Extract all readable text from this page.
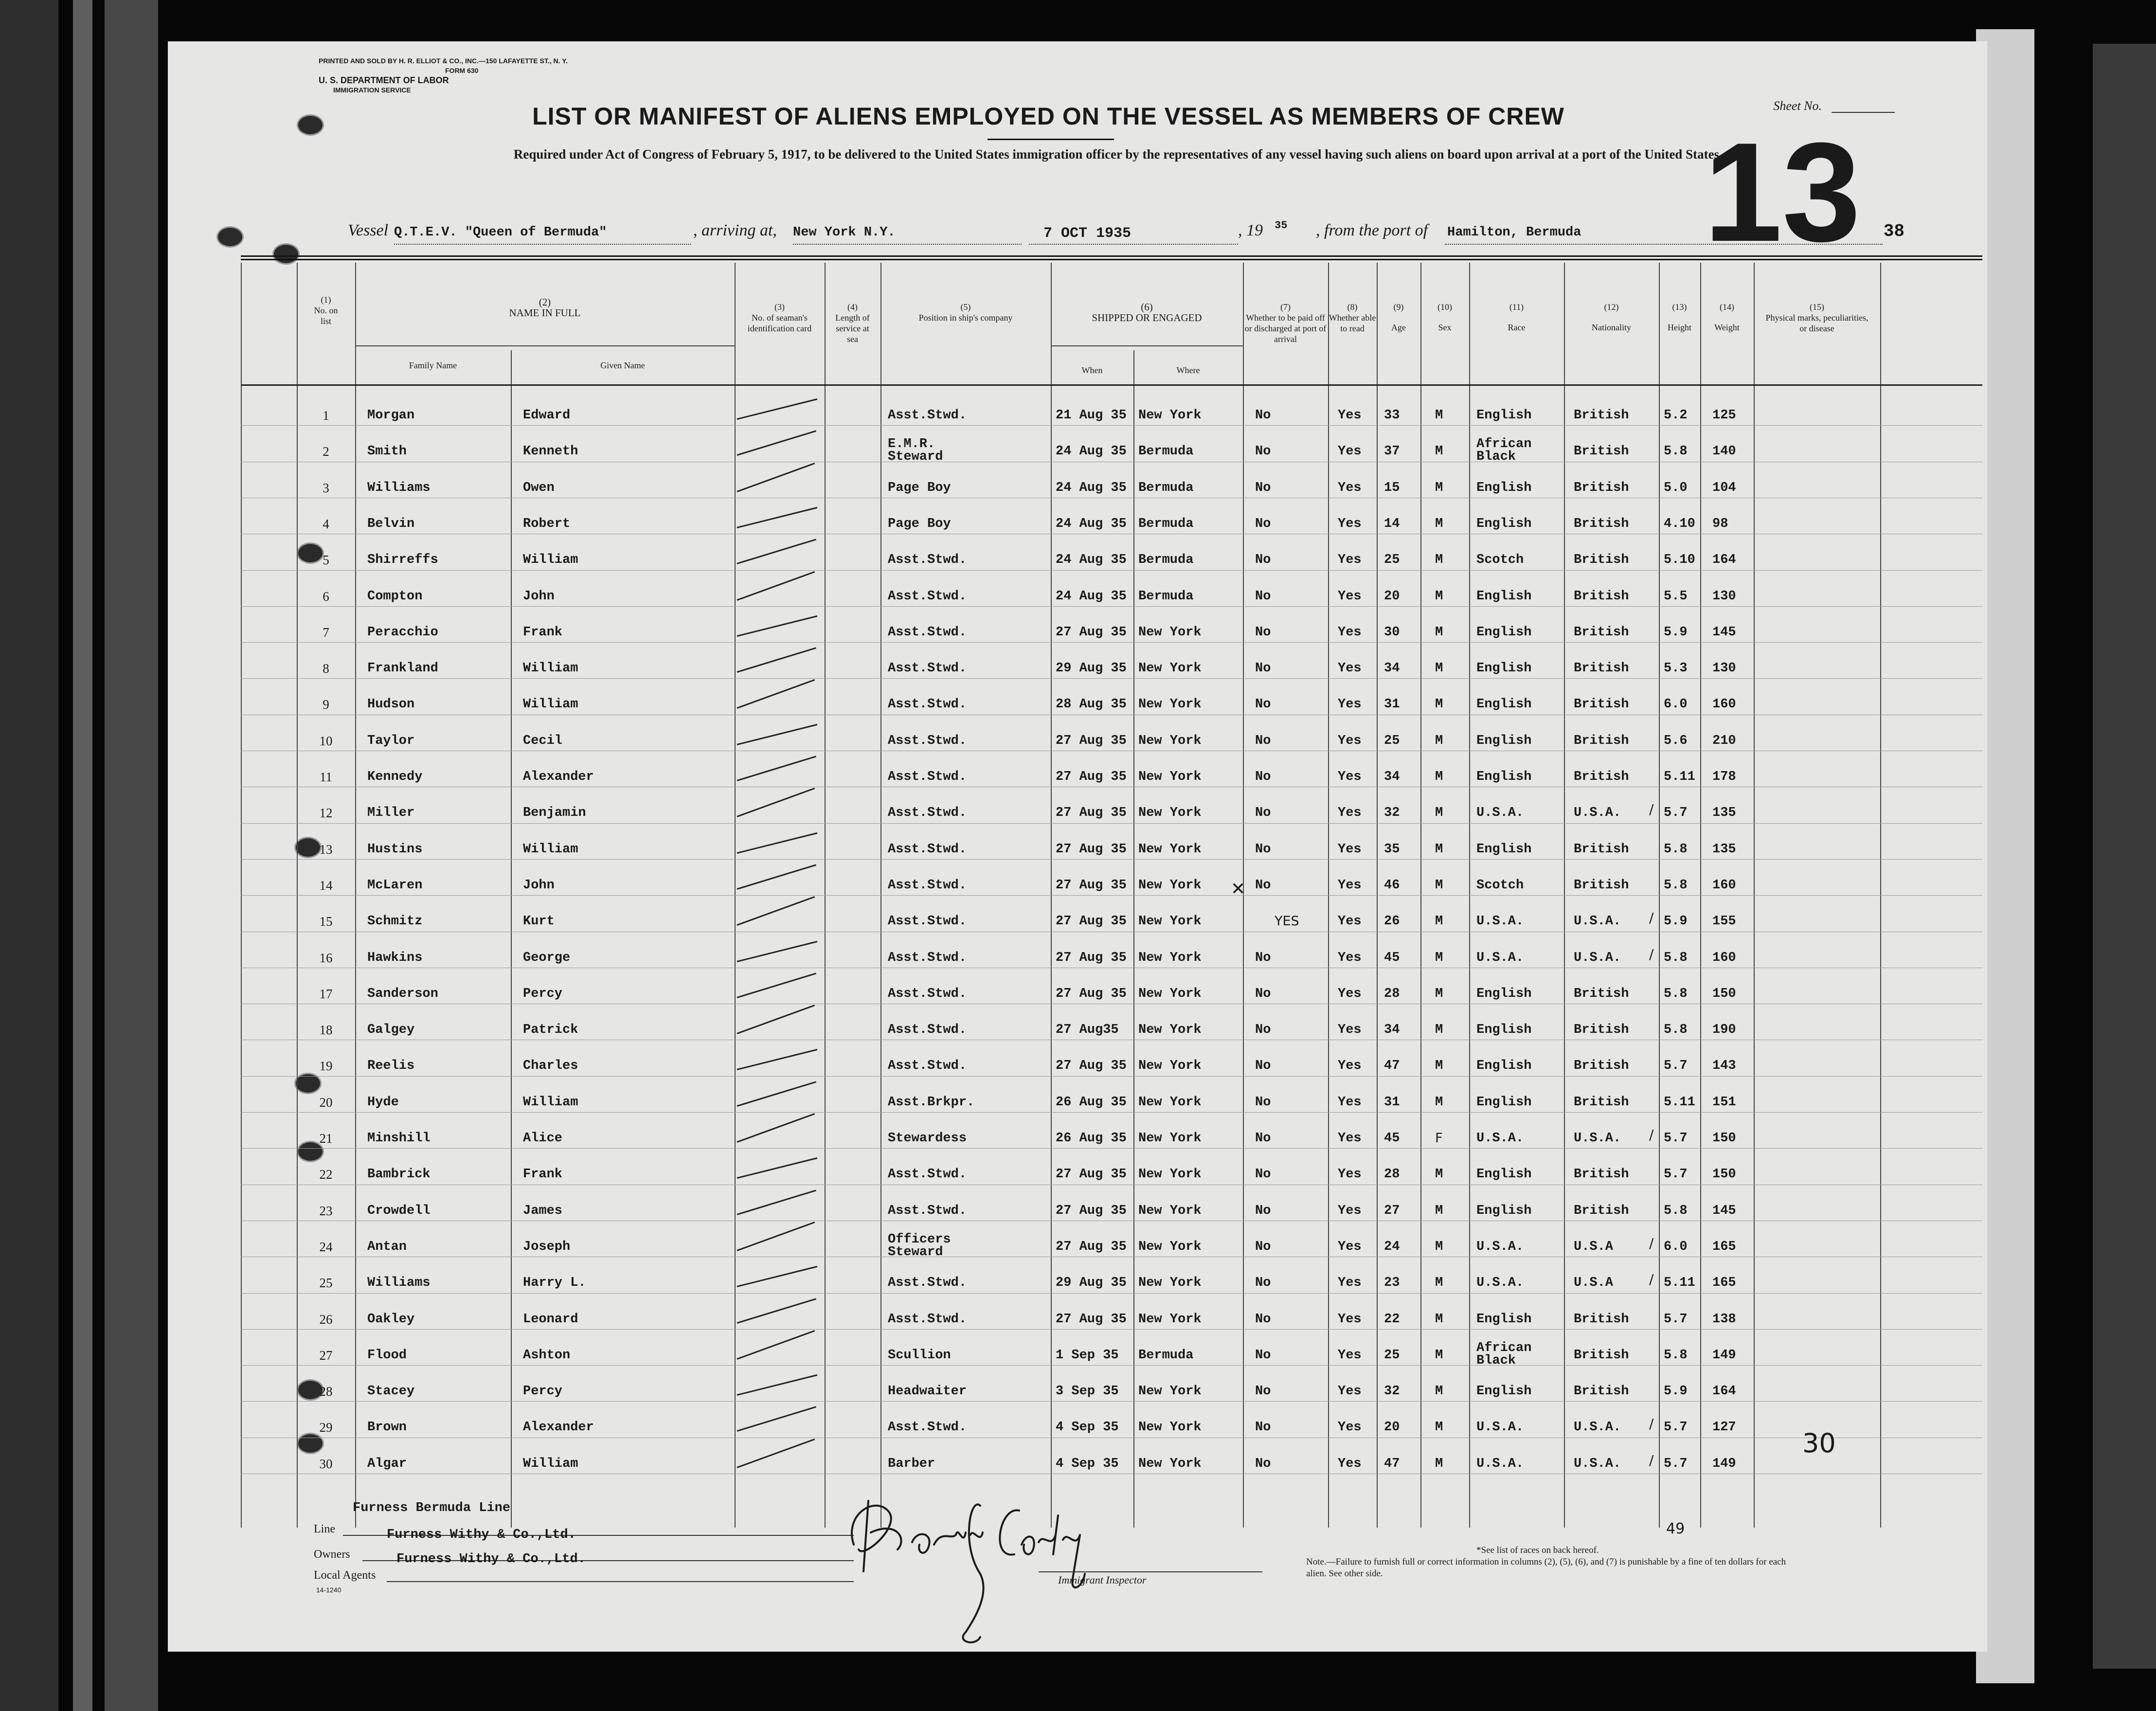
PRINTED AND SOLD BY H. R. ELLIOT & CO., INC.—150 LAFAYETTE ST., N. Y.
FORM 630
U. S. DEPARTMENT OF LABOR
IMMIGRATION SERVICE
Sheet No.
LIST OR MANIFEST OF ALIENS EMPLOYED ON THE VESSEL AS MEMBERS OF CREW
Required under Act of Congress of February 5, 1917, to be delivered to the United States immigration officer by the representatives of any vessel having such aliens on board upon arrival at a port of the United States
13 38
Vessel Q.T.E.V. "Queen of Bermuda"	, arriving at, New York N.Y.	7 OCT 1935	, 19 35 , from the port of Hamilton, Bermuda
(1)
No. on list
(2)
NAME IN FULL
Family Name	Given Name
(3)
No. of seaman's identification card
(4)
Length of service at sea
(5)
Position in ship's company
(6)
SHIPPED OR ENGAGED
When	Where
(7)
Whether to be paid off or discharged at port of arrival
(8)
Whether able to read
(9)
Age
(10)
Sex
(11)
Race
(12)
Nationality
(13)
Height
(14)
Weight
(15)
Physical marks, peculiarities, or disease
1	Morgan	Edward	Asst.Stwd.	21 Aug 35 New York	No	Yes 33	M	English	British	5.2 125
2	Smith	Kenneth	E.M.R. Steward	24 Aug 35 Bermuda	No	Yes 37	M	African Black	British	5.8 140
3	Williams	Owen	Page Boy	24 Aug 35 Bermuda	No	Yes 15	M	English	British	5.0 104
4	Belvin	Robert	Page Boy	24 Aug 35 Bermuda	No	Yes 14	M	English	British	4.10 98
5	Shirreffs	William	Asst.Stwd.	24 Aug 35 Bermuda	No	Yes 25	M	Scotch	British	5.10 164
6	Compton	John	Asst.Stwd.	24 Aug 35 Bermuda	No	Yes 20	M	English	British	5.5 130
7	Peracchio	Frank	Asst.Stwd.	27 Aug 35 New York	No	Yes 30	M	English	British	5.9 145
8	Frankland	William	Asst.Stwd.	29 Aug 35 New York	No	Yes 34	M	English	British	5.3 130
9	Hudson	William	Asst.Stwd.	28 Aug 35 New York	No	Yes 31	M	English	British	6.0 160
10	Taylor	Cecil	Asst.Stwd.	27 Aug 35 New York	No	Yes 25	M	English	British	5.6 210
11	Kennedy	Alexander	Asst.Stwd.	27 Aug 35 New York	No	Yes 34	M	English	British	5.11 178
12	Miller	Benjamin	Asst.Stwd.	27 Aug 35 New York	No	Yes 32	M	U.S.A.	U.S.A.	5.7 135
/
13	Hustins	William	Asst.Stwd.	27 Aug 35 New York	No	Yes 35	M	English	British	5.8 135
14	McLaren	John	Asst.Stwd.	27 Aug 35 New York	No	Yes 46	M	Scotch	British	5.8 160
15	Schmitz	Kurt	Asst.Stwd.	27 Aug 35 New York	YES	Yes 26	M	U.S.A.	U.S.A.	5.9 155
/
16	Hawkins	George	Asst.Stwd.	27 Aug 35 New York	No	Yes 45	M	U.S.A.	U.S.A.	5.8 160
/
17	Sanderson	Percy	Asst.Stwd.	27 Aug 35 New York	No	Yes 28	M	English	British	5.8 150
18	Galgey	Patrick	Asst.Stwd.	27 Aug35 New York	No	Yes 34	M	English	British	5.8 190
19	Reelis	Charles	Asst.Stwd.	27 Aug 35 New York	No	Yes 47	M	English	British	5.7 143
20	Hyde	William	Asst.Brkpr.	26 Aug 35 New York	No	Yes 31	M	English	British	5.11 151
21	Minshill	Alice	Stewardess	26 Aug 35 New York	No	Yes 45	F	U.S.A.	U.S.A.	5.7 150
/
22	Bambrick	Frank	Asst.Stwd.	27 Aug 35 New York	No	Yes 28	M	English	British	5.7 150
23	Crowdell	James	Asst.Stwd.	27 Aug 35 New York	No	Yes 27	M	English	British	5.8 145
24	Antan	Joseph	Officers Steward	27 Aug 35 New York	No	Yes 24	M	U.S.A.	U.S.A	6.0 165
/
25	Williams	Harry L.	Asst.Stwd.	29 Aug 35 New York	No	Yes 23	M	U.S.A.	U.S.A	5.11 165
/
26	Oakley	Leonard	Asst.Stwd.	27 Aug 35 New York	No	Yes 22	M	English	British	5.7 138
27	Flood	Ashton	Scullion	1 Sep 35 Bermuda	No	Yes 25	M	African Black	British	5.8 149
28	Stacey	Percy	Headwaiter	3 Sep 35 New York	No	Yes 32	M	English	British	5.9 164
29	Brown	Alexander	Asst.Stwd.	4 Sep 35 New York	No	Yes 20	M	U.S.A.	U.S.A.	5.7 127
/
30	Algar	William	Barber	4 Sep 35 New York	No	Yes 47	M	U.S.A.	U.S.A.	5.7 149
/
✕
30
49
Line
Furness Bermuda Line
Owners
Furness Withy & Co.,Ltd.
Local Agents
Furness Withy & Co.,Ltd.
14-1240
Herbert J. Conley
Immigrant Inspector
*See list of races on back hereof.
Note.—Failure to furnish full or correct information in columns (2), (5), (6), and (7) is punishable by a fine of ten dollars for each alien. See other side.
